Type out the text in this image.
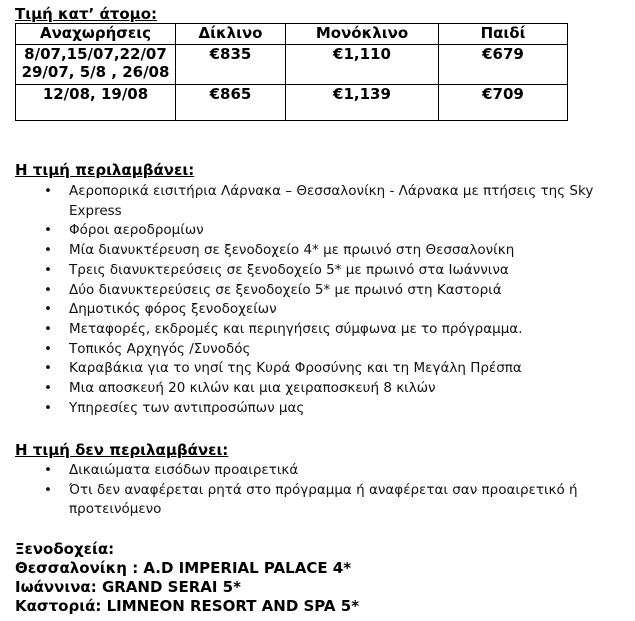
Τιμή κατ’ άτομο:
Αναχωρήσεις	Δίκλινο	Μονόκλινο	Παιδί

8/07,15/07,22/07
29/07, 5/8 , 26/08	€835	€1,110	€679
12/08, 19/08	€865	€1,139	€709
Η τιμή περιλαμβάνει:
• Αεροπορικά εισιτήρια Λάρνακα – Θεσσαλονίκη - Λάρνακα με πτήσεις της Sky Express
• Φόροι αεροδρομίων
• Μία διανυκτέρευση σε ξενοδοχείο 4* με πρωινό στη Θεσσαλονίκη
• Τρεις διανυκτερεύσεις σε ξενοδοχείο 5* με πρωινό στα Ιωάννινα
• Δύο διανυκτερεύσεις σε ξενοδοχείο 5* με πρωινό στη Καστοριά
• Δημοτικός φόρος ξενοδοχείων
• Μεταφορές, εκδρομές και περιηγήσεις σύμφωνα με το πρόγραμμα.
• Τοπικός Αρχηγός /Συνοδός
• Καραβάκια για το νησί της Κυρά Φροσύνης και τη Μεγάλη Πρέσπα
• Μια αποσκευή 20 κιλών και μια χειραποσκευή 8 κιλών
• Υπηρεσίες των αντιπροσώπων μας
Η τιμή δεν περιλαμβάνει:
• Δικαιώματα εισόδων προαιρετικά
• Ότι δεν αναφέρεται ρητά στο πρόγραμμα ή αναφέρεται σαν προαιρετικό ή προτεινόμενο
Ξενοδοχεία:
Θεσσαλονίκη : A.D IMPERIAL PALACE 4*
Ιωάννινα: GRAND SERAI 5*
Καστοριά: LIMNEON RESORT AND SPA 5*
